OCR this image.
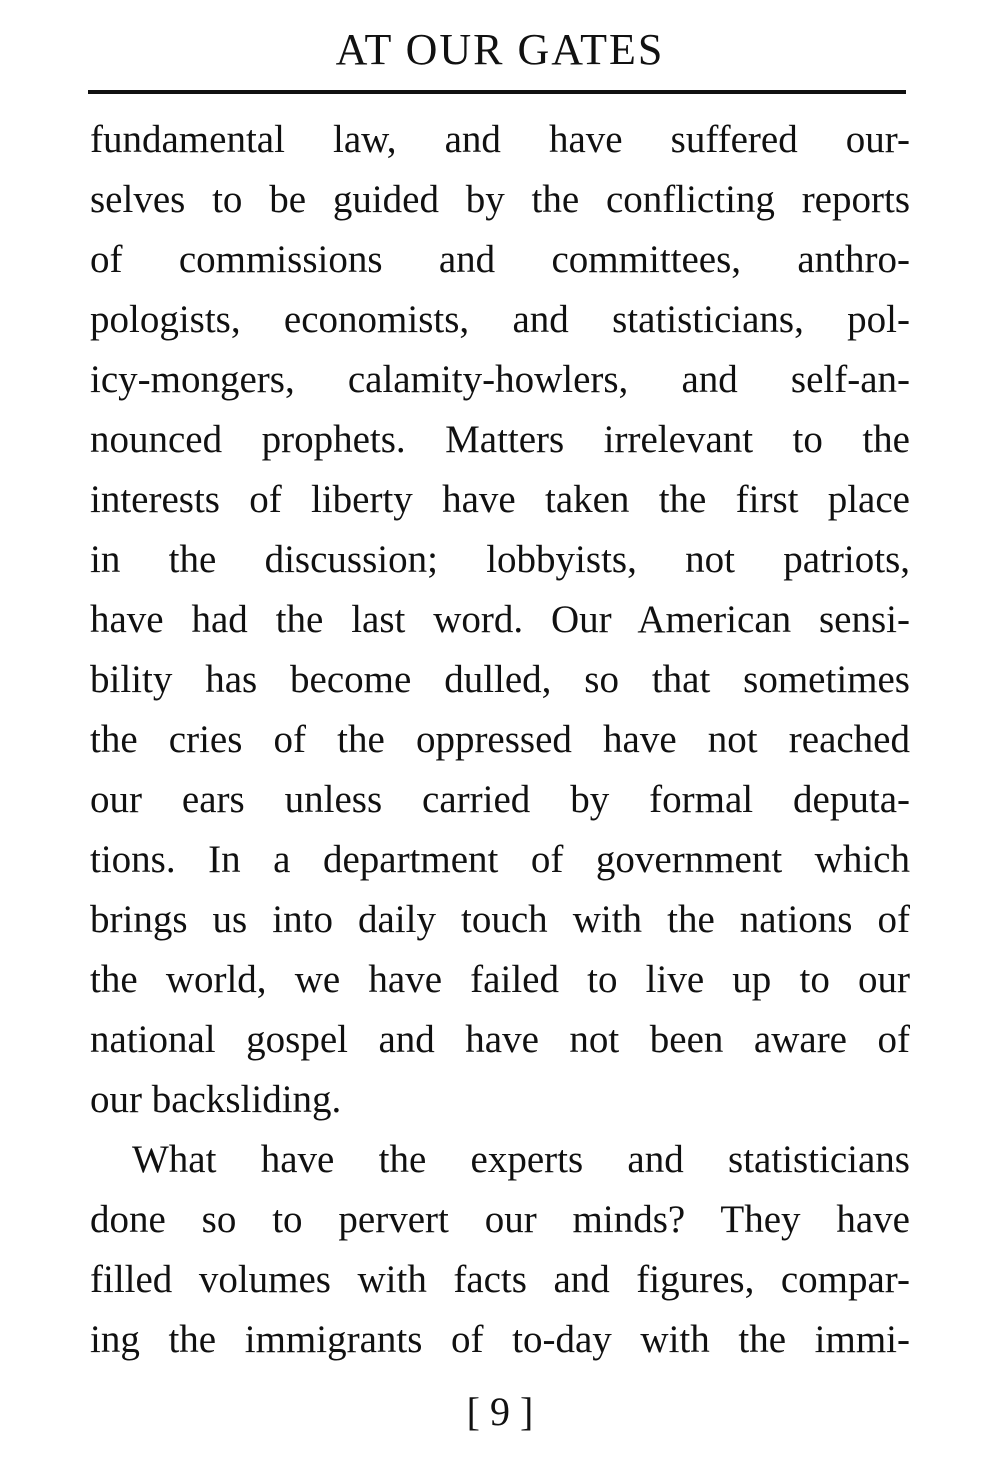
AT OUR GATES
fundamental law, and have suffered our-
selves to be guided by the conflicting reports
of commissions and committees, anthro-
pologists, economists, and statisticians, pol-
icy-mongers, calamity-howlers, and self-an-
nounced prophets. Matters irrelevant to the
interests of liberty have taken the first place
in the discussion; lobbyists, not patriots,
have had the last word. Our American sensi-
bility has become dulled, so that sometimes
the cries of the oppressed have not reached
our ears unless carried by formal deputa-
tions. In a department of government which
brings us into daily touch with the nations of
the world, we have failed to live up to our
national gospel and have not been aware of
our backsliding.
What have the experts and statisticians
done so to pervert our minds? They have
filled volumes with facts and figures, compar-
ing the immigrants of to-day with the immi-
[ 9 ]
